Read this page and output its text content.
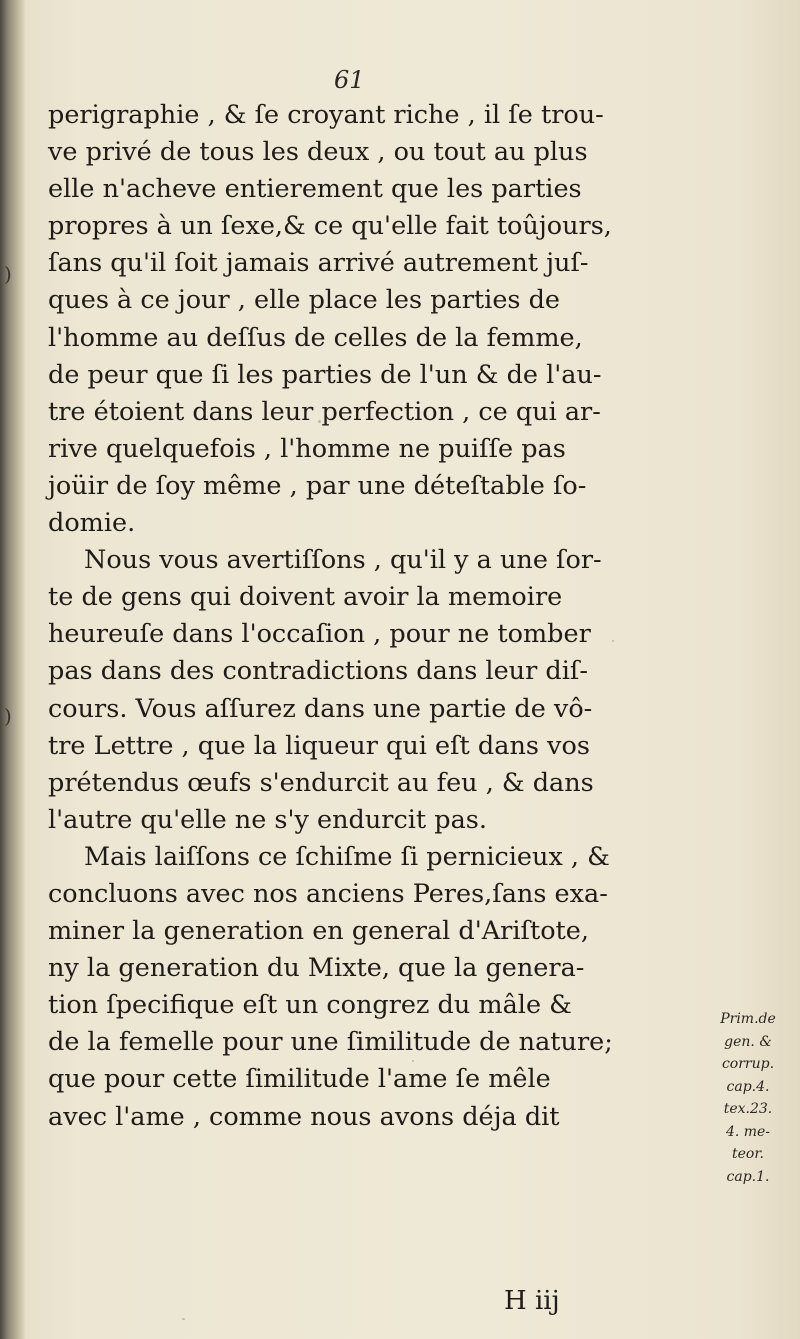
)
)
61
perigraphie , & ſe croyant riche , il ſe trou-
ve privé de tous les deux , ou tout au plus
elle n'acheve entierement que les parties
propres à un ſexe,& ce qu'elle fait toûjours,
ſans qu'il ſoit jamais arrivé autrement juſ-
ques à ce jour , elle place les parties de
l'homme au deſſus de celles de la femme,
de peur que ſi les parties de l'un & de l'au-
tre étoient dans leur perfection , ce qui ar-
rive quelquefois , l'homme ne puiſſe pas
joüir de ſoy même , par une déteſtable ſo-
domie.
Nous vous avertiſſons , qu'il y a une ſor-
te de gens qui doivent avoir la memoire
heureuſe dans l'occaſion , pour ne tomber
pas dans des contradictions dans leur diſ-
cours. Vous aſſurez dans une partie de vô-
tre Lettre , que la liqueur qui eſt dans vos
prétendus œufs s'endurcit au feu , & dans
l'autre qu'elle ne s'y endurcit pas.
Mais laiſſons ce ſchiſme ſi pernicieux , &
concluons avec nos anciens Peres,ſans exa-
miner la generation en general d'Ariſtote,
ny la generation du Mixte, que la genera-
tion ſpecifique eſt un congrez du mâle &
de la femelle pour une ſimilitude de nature;
que pour cette ſimilitude l'ame ſe mêle
avec l'ame , comme nous avons déja dit
Prim.de
gen. &
corrup.
cap.4.
tex.23.
4. me-
teor.
cap.1.
H iij
